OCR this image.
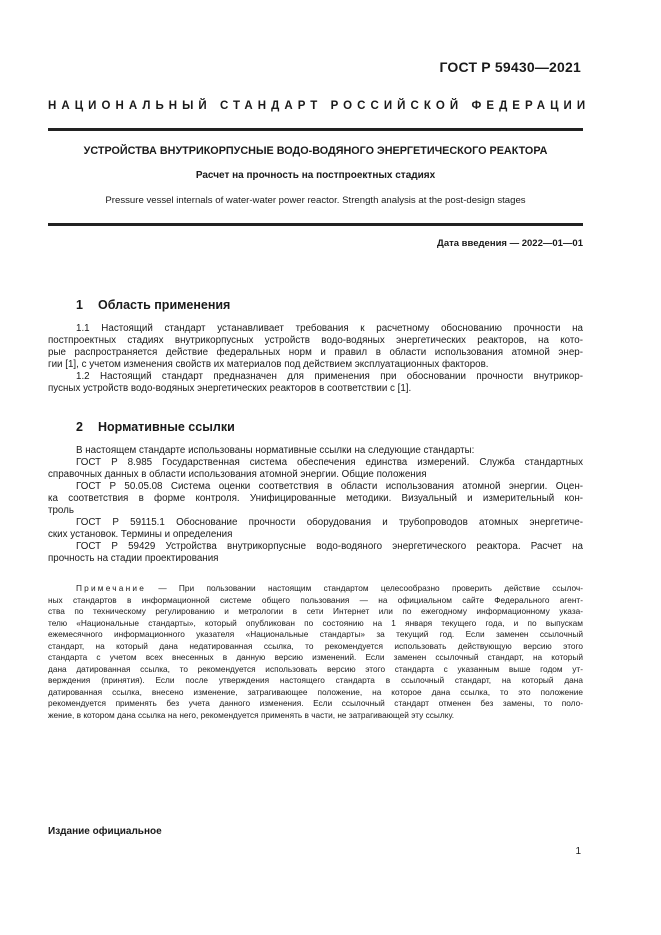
ГОСТ Р 59430—2021
НАЦИОНАЛЬНЫЙ СТАНДАРТ РОССИЙСКОЙ ФЕДЕРАЦИИ
УСТРОЙСТВА ВНУТРИКОРПУСНЫЕ ВОДО-ВОДЯНОГО ЭНЕРГЕТИЧЕСКОГО РЕАКТОРА
Расчет на прочность на постпроектных стадиях
Pressure vessel internals of water-water power reactor. Strength analysis at the post-design stages
Дата введения — 2022—01—01
1 Область применения
1.1 Настоящий стандарт устанавливает требования к расчетному обоснованию прочности на
постпроектных стадиях внутрикорпусных устройств водо-водяных энергетических реакторов, на кото-
рые распространяется действие федеральных норм и правил в области использования атомной энер-
гии [1], с учетом изменения свойств их материалов под действием эксплуатационных факторов.
1.2 Настоящий стандарт предназначен для применения при обосновании прочности внутрикор-
пусных устройств водо-водяных энергетических реакторов в соответствии с [1].
2 Нормативные ссылки
В настоящем стандарте использованы нормативные ссылки на следующие стандарты:
ГОСТ Р 8.985 Государственная система обеспечения единства измерений. Служба стандартных
справочных данных в области использования атомной энергии. Общие положения
ГОСТ Р 50.05.08 Система оценки соответствия в области использования атомной энергии. Оцен-
ка соответствия в форме контроля. Унифицированные методики. Визуальный и измерительный кон-
троль
ГОСТ Р 59115.1 Обоснование прочности оборудования и трубопроводов атомных энергетиче-
ских установок. Термины и определения
ГОСТ Р 59429 Устройства внутрикорпусные водо-водяного энергетического реактора. Расчет на
прочность на стадии проектирования
Примечание — При пользовании настоящим стандартом целесообразно проверить действие ссылоч-
ных стандартов в информационной системе общего пользования — на официальном сайте Федерального агент-
ства по техническому регулированию и метрологии в сети Интернет или по ежегодному информационному указа-
телю «Национальные стандарты», который опубликован по состоянию на 1 января текущего года, и по выпускам
ежемесячного информационного указателя «Национальные стандарты» за текущий год. Если заменен ссылочный
стандарт, на который дана недатированная ссылка, то рекомендуется использовать действующую версию этого
стандарта с учетом всех внесенных в данную версию изменений. Если заменен ссылочный стандарт, на который
дана датированная ссылка, то рекомендуется использовать версию этого стандарта с указанным выше годом ут-
верждения (принятия). Если после утверждения настоящего стандарта в ссылочный стандарт, на который дана
датированная ссылка, внесено изменение, затрагивающее положение, на которое дана ссылка, то это положение
рекомендуется применять без учета данного изменения. Если ссылочный стандарт отменен без замены, то поло-
жение, в котором дана ссылка на него, рекомендуется применять в части, не затрагивающей эту ссылку.
Издание официальное
1
